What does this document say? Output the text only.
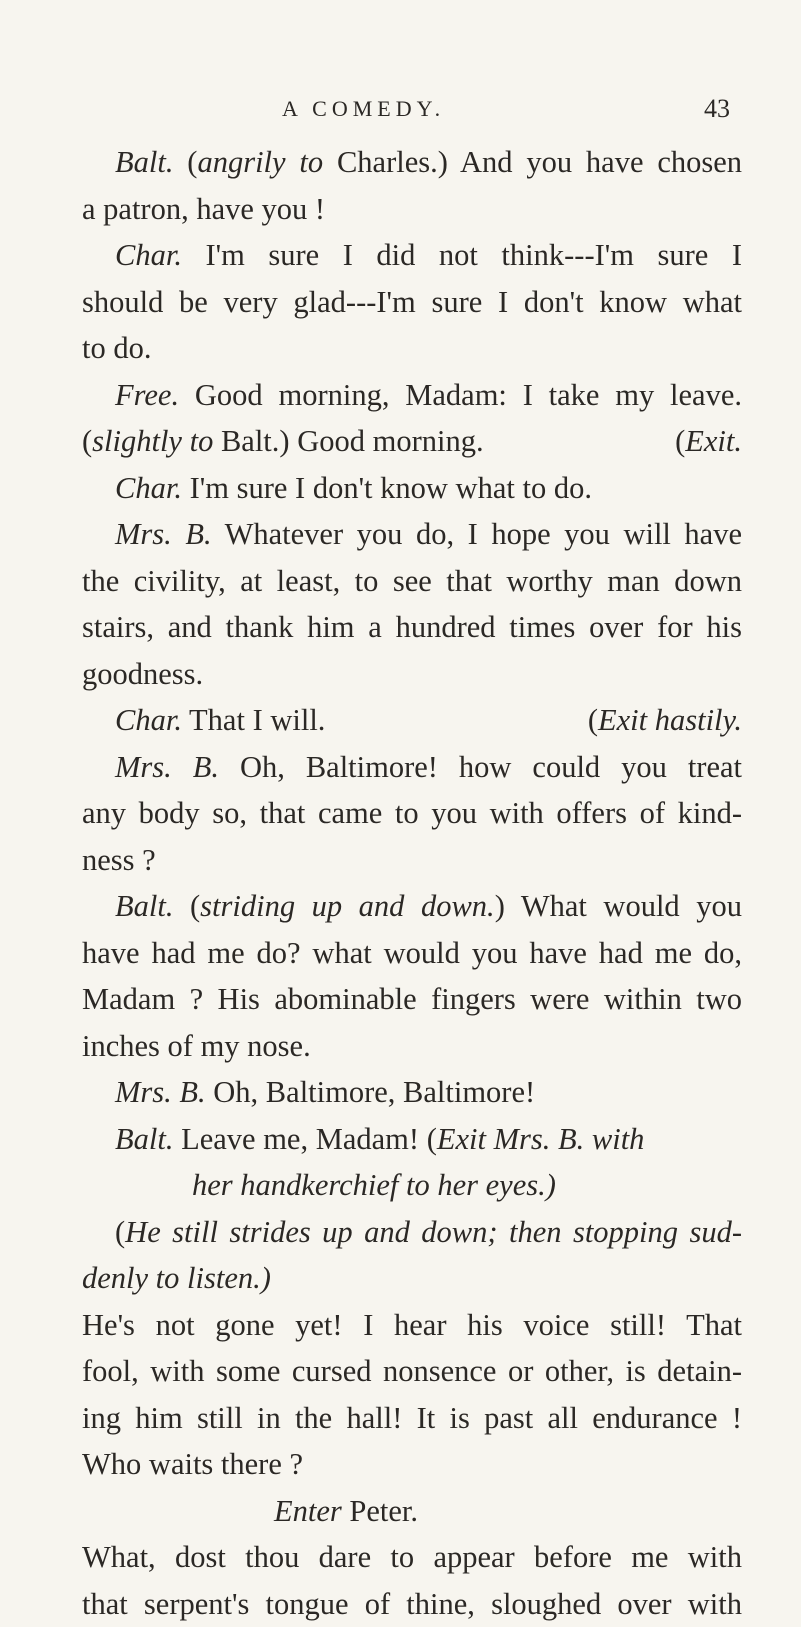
A COMEDY.	43
Balt. (angrily to Charles.) And you have chosen
a patron, have you !
Char. I'm sure I did not think---I'm sure I
should be very glad---I'm sure I don't know what
to do.
Free. Good morning, Madam: I take my leave.
(slightly to Balt.) Good morning.	(Exit.
Char. I'm sure I don't know what to do.
Mrs. B. Whatever you do, I hope you will have
the civility, at least, to see that worthy man down
stairs, and thank him a hundred times over for his
goodness.
Char. That I will.	(Exit hastily.
Mrs. B. Oh, Baltimore! how could you treat
any body so, that came to you with offers of kind-
ness ?
Balt. (striding up and down.) What would you
have had me do? what would you have had me do,
Madam ? His abominable fingers were within two
inches of my nose.
Mrs. B. Oh, Baltimore, Baltimore!
Balt. Leave me, Madam! (Exit Mrs. B. with
her handkerchief to her eyes.)
(He still strides up and down; then stopping sud-
denly to listen.)
He's not gone yet! I hear his voice still! That
fool, with some cursed nonsence or other, is detain-
ing him still in the hall! It is past all endurance !
Who waits there ?
Enter Peter.
What, dost thou dare to appear before me with
that serpent's tongue of thine, sloughed over with
